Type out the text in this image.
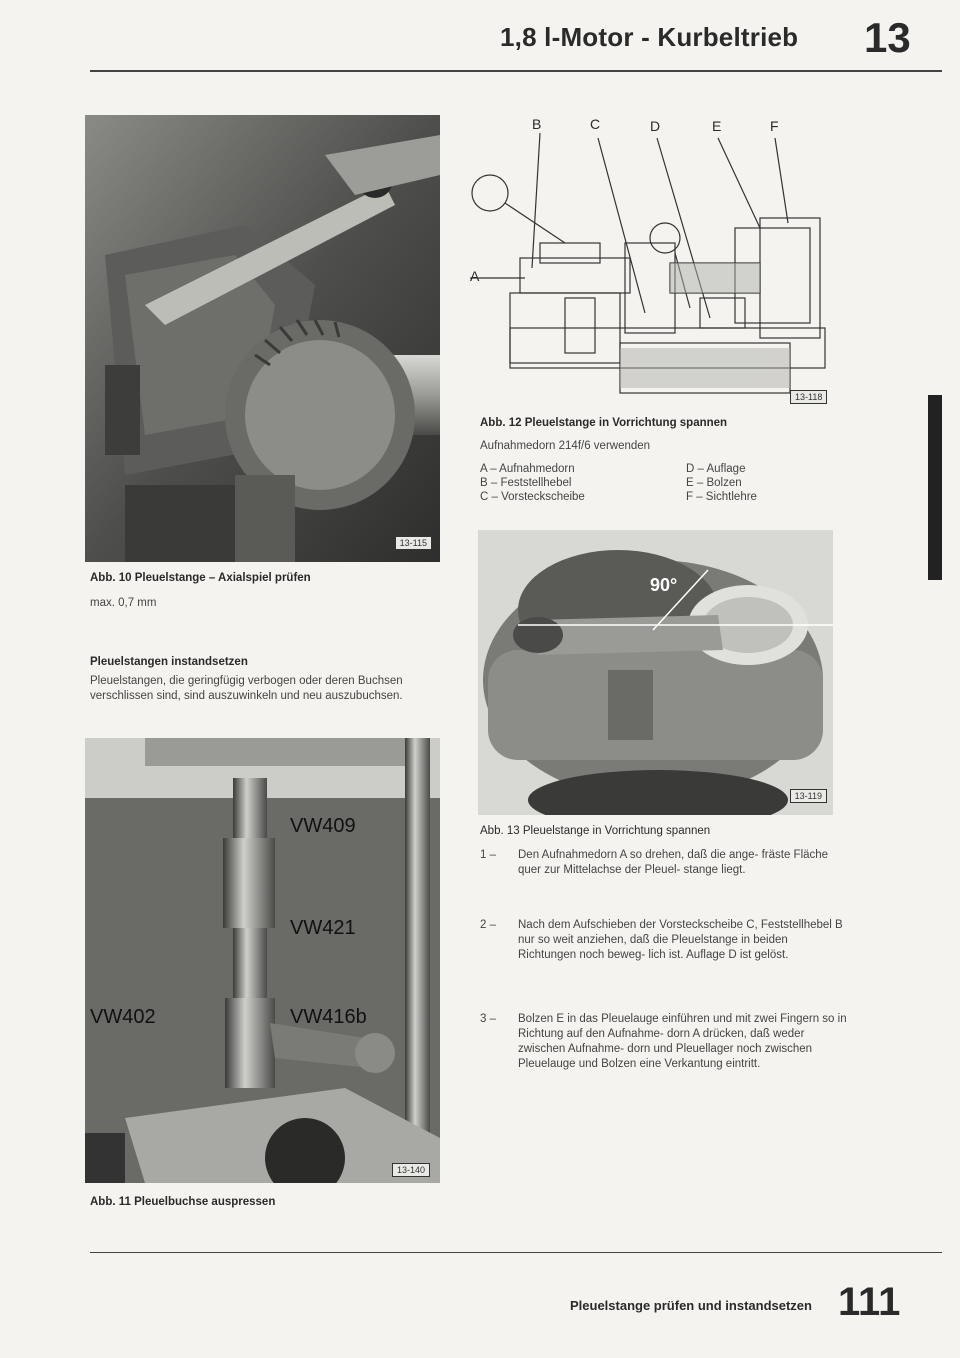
1,8 l-Motor - Kurbeltrieb 13
13-115
Abb. 10 Pleuelstange – Axialspiel prüfen
max. 0,7 mm
Pleuelstangen instandsetzen
Pleuelstangen, die geringfügig verbogen oder deren Buchsen verschlissen sind, sind auszuwinkeln und neu auszubuchsen.
VW409
VW421
VW402	VW416b
13-140
Abb. 11 Pleuelbuchse auspressen
B	C	D	E	F
A
13-118
Abb. 12 Pleuelstange in Vorrichtung spannen
Aufnahmedorn 214f/6 verwenden
A – Aufnahmedorn
B – Feststellhebel
C – Vorsteckscheibe
D – Auflage
E – Bolzen
F – Sichtlehre
90°
13-119
Abb. 13 Pleuelstange in Vorrichtung spannen
1 – Den Aufnahmedorn A so drehen, daß die ange- fräste Fläche quer zur Mittelachse der Pleuel- stange liegt.
2 – Nach dem Aufschieben der Vorsteckscheibe C, Feststellhebel B nur so weit anziehen, daß die Pleuelstange in beiden Richtungen noch beweg- lich ist. Auflage D ist gelöst.
3 – Bolzen E in das Pleuelauge einführen und mit zwei Fingern so in Richtung auf den Aufnahme- dorn A drücken, daß weder zwischen Aufnahme- dorn und Pleuellager noch zwischen Pleuelauge und Bolzen eine Verkantung eintritt.
Pleuelstange prüfen und instandsetzen 111
